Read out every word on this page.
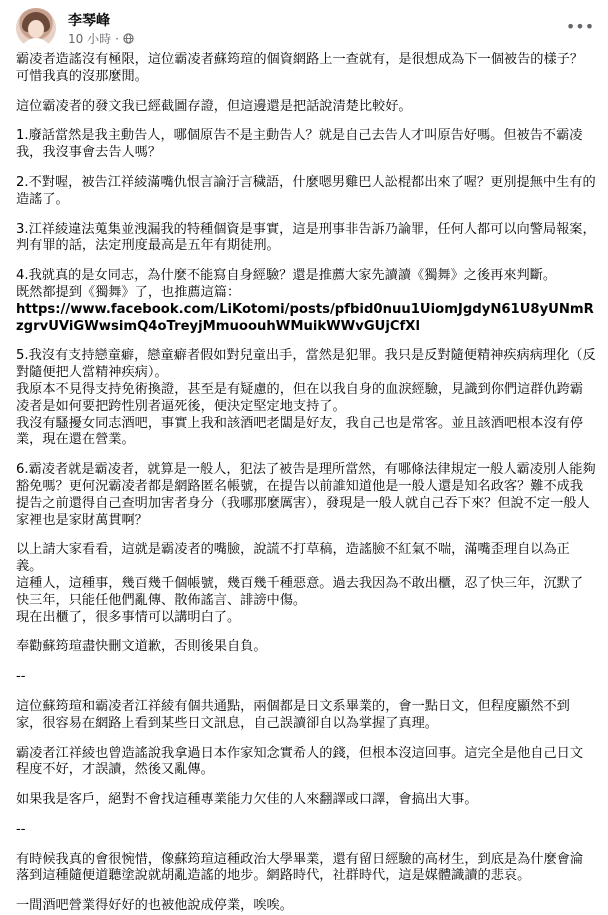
李琴峰
10 小時 ·
•••

霸凌者造謠沒有極限，這位霸凌者蘇筠瑄的個資網路上一查就有，是很想成為下一個被告的樣子？可惜我真的沒那麼閒。

這位霸凌者的發文我已經截圖存證，但這邊還是把話說清楚比較好。

1.廢話當然是我主動告人，哪個原告不是主動告人？就是自己去告人才叫原告好嗎。但被告不霸凌我，我沒事會去告人嗎？

2.不對喔，被告江祥綾滿嘴仇恨言論汙言穢語，什麼嗯男雞巴人訟棍都出來了喔？更別提無中生有的造謠了。

3.江祥綾違法蒐集並洩漏我的特種個資是事實，這是刑事非告訴乃論罪，任何人都可以向警局報案，判有罪的話，法定刑度最高是五年有期徒刑。

4.我就真的是女同志，為什麼不能寫自身經驗？還是推薦大家先讀讀《獨舞》之後再來判斷。
既然都提到《獨舞》了，也推薦這篇：

https://www.facebook.com/LiKotomi/posts/pfbid0nuu1UiomJgdyN61U8yUNmRzgrvUViGWwsimQ4oTreyjMmuoouhWMuikWWvGUjCfXl

5.我沒有支持戀童癖，戀童癖者假如對兒童出手，當然是犯罪。我只是反對隨便精神疾病病理化（反對隨便把人當精神疾病）。
我原本不見得支持免術換證，甚至是有疑慮的，但在以我自身的血淚經驗，見識到你們這群仇跨霸凌者是如何要把跨性別者逼死後，便決定堅定地支持了。
我沒有騷擾女同志酒吧，事實上我和該酒吧老闆是好友，我自己也是常客。並且該酒吧根本沒有停業，現在還在營業。

6.霸凌者就是霸凌者，就算是一般人，犯法了被告是理所當然，有哪條法律規定一般人霸凌別人能夠豁免嗎？更何況霸凌者都是網路匿名帳號，在提告以前誰知道他是一般人還是知名政客？難不成我提告之前還得自己查明加害者身分（我哪那麼厲害），發現是一般人就自己吞下來？但說不定一般人家裡也是家財萬貫啊？

以上請大家看看，這就是霸凌者的嘴臉，說謊不打草稿，造謠臉不紅氣不喘，滿嘴歪理自以為正義。
這種人，這種事，幾百幾千個帳號，幾百幾千種惡意。過去我因為不敢出櫃，忍了快三年，沉默了快三年，只能任他們亂傳、散佈謠言、誹謗中傷。
現在出櫃了，很多事情可以講明白了。

奉勸蘇筠瑄盡快刪文道歉，否則後果自負。

--

這位蘇筠瑄和霸凌者江祥綾有個共通點，兩個都是日文系畢業的，會一點日文，但程度顯然不到家，很容易在網路上看到某些日文訊息，自己誤讀卻自以為掌握了真理。

霸凌者江祥綾也曾造謠說我拿過日本作家知念實希人的錢，但根本沒這回事。這完全是他自己日文程度不好，才誤讀，然後又亂傳。

如果我是客戶，絕對不會找這種專業能力欠佳的人來翻譯或口譯，會搞出大事。

--

有時候我真的會很惋惜，像蘇筠瑄這種政治大學畢業，還有留日經驗的高材生，到底是為什麼會淪落到這種隨便道聽塗說就胡亂造謠的地步。網路時代，社群時代，這是媒體識讀的悲哀。

一間酒吧營業得好好的也被他說成停業，唉唉。
